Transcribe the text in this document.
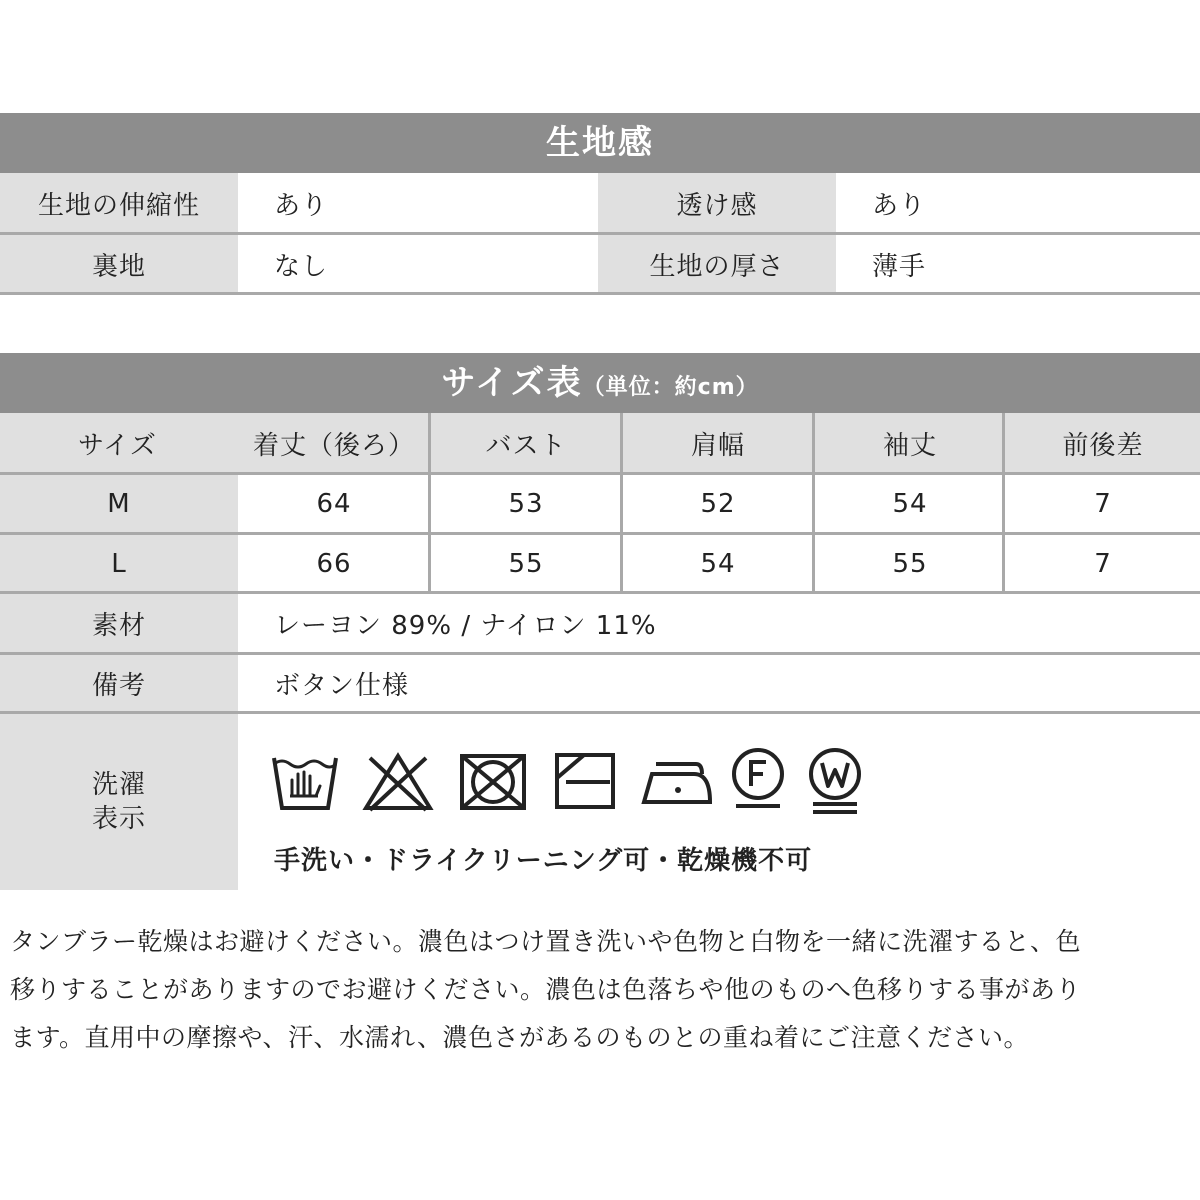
生地感
生地の伸縮性	あり	透け感	あり
裏地	なし	生地の厚さ	薄手
サイズ表（単位：約cm）
サイズ	着丈（後ろ）	バスト	肩幅	袖丈	前後差
M	64	53	52	54	7
L	66	55	54	55	7
素材	レーヨン 89% / ナイロン 11%
備考	ボタン仕様
洗濯
表示
手洗い・ドライクリーニング可・乾燥機不可
タンブラー乾燥はお避けください。濃色はつけ置き洗いや色物と白物を一緒に洗濯すると、色
移りすることがありますのでお避けください。濃色は色落ちや他のものへ色移りする事があり
ます。直用中の摩擦や、汗、水濡れ、濃色さがあるのものとの重ね着にご注意ください。
